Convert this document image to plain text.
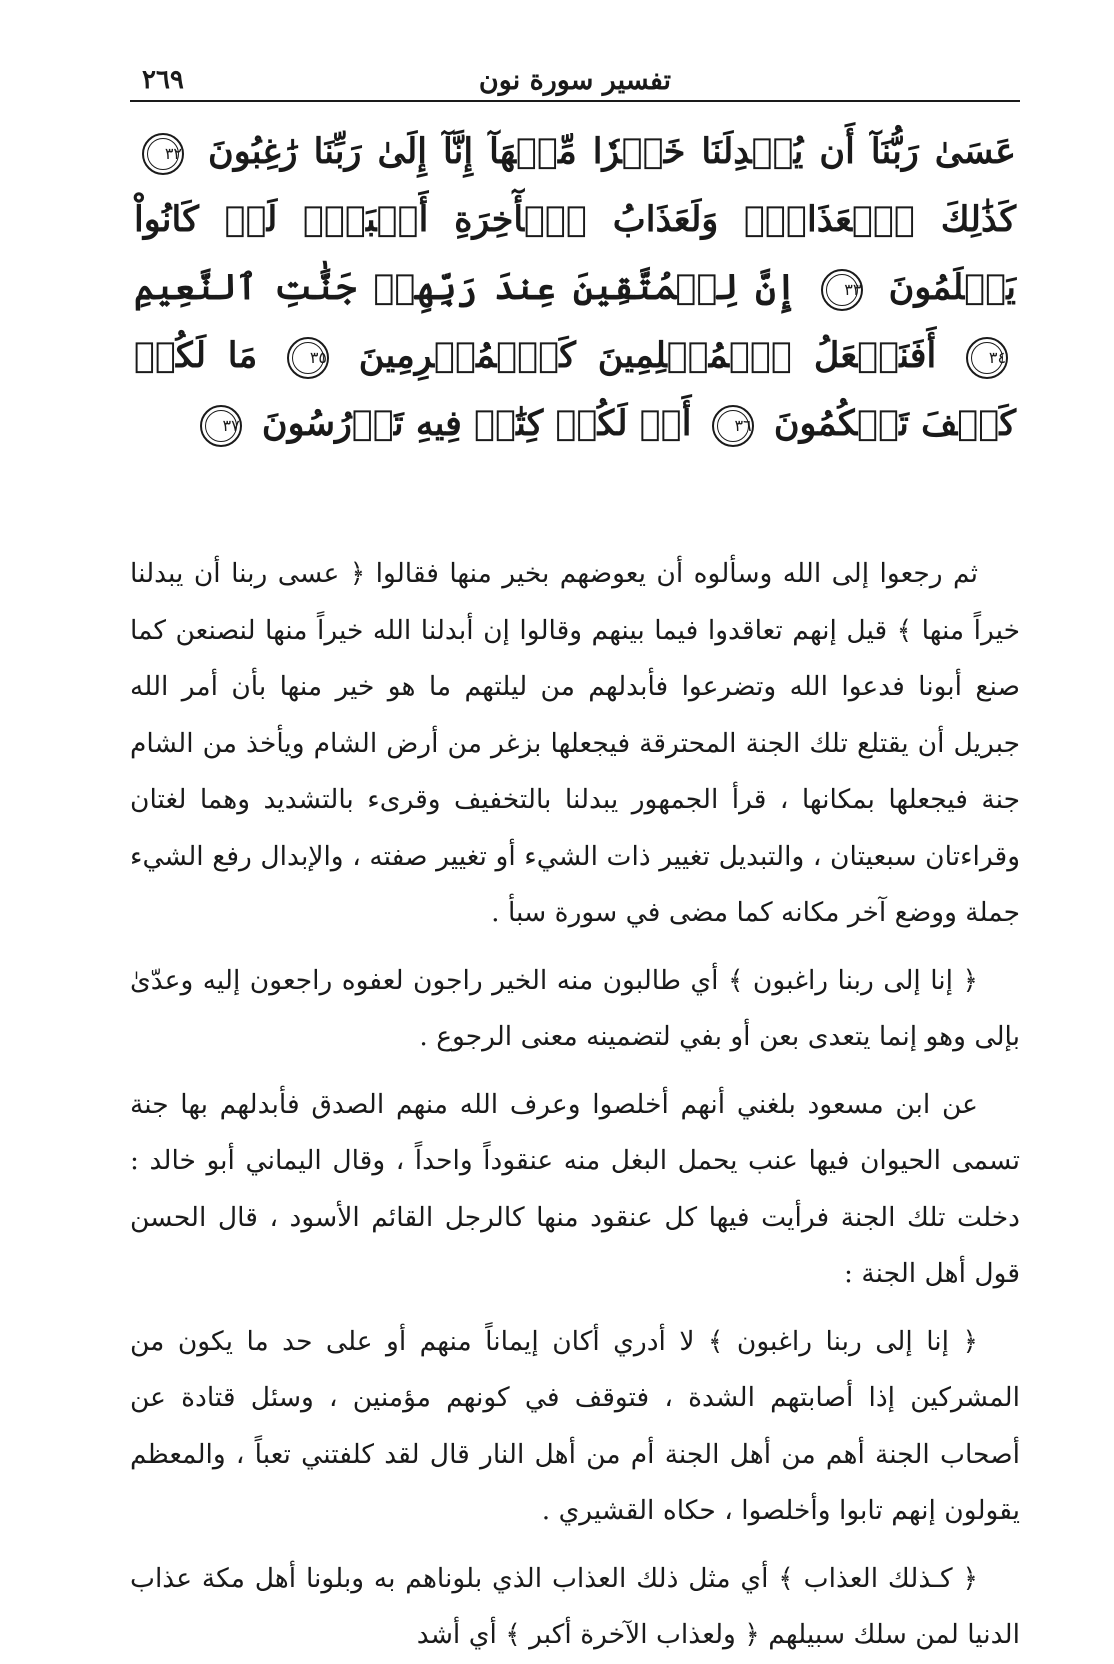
٢٦٩	تفسير سورة نون
عَسَىٰ رَبُّنَآ أَن يُبۡدِلَنَا خَيۡرٗا مِّنۡهَآ إِنَّآ إِلَىٰ رَبِّنَا رَٰغِبُونَ ٣٢ كَذَٰلِكَ ٱلۡعَذَابُۖ وَلَعَذَابُ ٱلۡأٓخِرَةِ أَكۡبَرُۚ لَوۡ كَانُواْ يَعۡلَمُونَ ٣٣ إِنَّ لِلۡمُتَّقِينَ عِندَ رَبِّهِمۡ جَنَّٰتِ ٱلنَّعِيمِ ٣٤ أَفَنَجۡعَلُ ٱلۡمُسۡلِمِينَ كَٱلۡمُجۡرِمِينَ ٣٥ مَا لَكُمۡ كَيۡفَ تَحۡكُمُونَ ٣٦ أَمۡ لَكُمۡ كِتَٰبٞ فِيهِ تَدۡرُسُونَ ٣٧

ثم رجعوا إلى الله وسألوه أن يعوضهم بخير منها فقالوا ﴿ عسى ربنا أن يبدلنا خيراً منها ﴾ قيل إنهم تعاقدوا فيما بينهم وقالوا إن أبدلنا الله خيراً منها لنصنعن كما صنع أبونا فدعوا الله وتضرعوا فأبدلهم من ليلتهم ما هو خير منها بأن أمر الله جبريل أن يقتلع تلك الجنة المحترقة فيجعلها بزغر من أرض الشام ويأخذ من الشام جنة فيجعلها بمكانها ، قرأ الجمهور يبدلنا بالتخفيف وقرىء بالتشديد وهما لغتان وقراءتان سبعيتان ، والتبديل تغيير ذات الشيء أو تغيير صفته ، والإبدال رفع الشيء جملة ووضع آخر مكانه كما مضى في سورة سبأ .

﴿ إنا إلى ربنا راغبون ﴾ أي طالبون منه الخير راجون لعفوه راجعون إليه وعدّىٰ بإلى وهو إنما يتعدى بعن أو بفي لتضمينه معنى الرجوع .

عن ابن مسعود بلغني أنهم أخلصوا وعرف الله منهم الصدق فأبدلهم بها جنة تسمى الحيوان فيها عنب يحمل البغل منه عنقوداً واحداً ، وقال اليماني أبو خالد : دخلت تلك الجنة فرأيت فيها كل عنقود منها كالرجل القائم الأسود ، قال الحسن قول أهل الجنة :

﴿ إنا إلى ربنا راغبون ﴾ لا أدري أكان إيماناً منهم أو على حد ما يكون من المشركين إذا أصابتهم الشدة ، فتوقف في كونهم مؤمنين ، وسئل قتادة عن أصحاب الجنة أهم من أهل الجنة أم من أهل النار قال لقد كلفتني تعباً ، والمعظم يقولون إنهم تابوا وأخلصوا ، حكاه القشيري .

﴿ كـذلك العذاب ﴾ أي مثل ذلك العذاب الذي بلوناهم به وبلونا أهل مكة عذاب الدنيا لمن سلك سبيلهم ﴿ ولعذاب الآخرة أكبر ﴾ أي أشد
